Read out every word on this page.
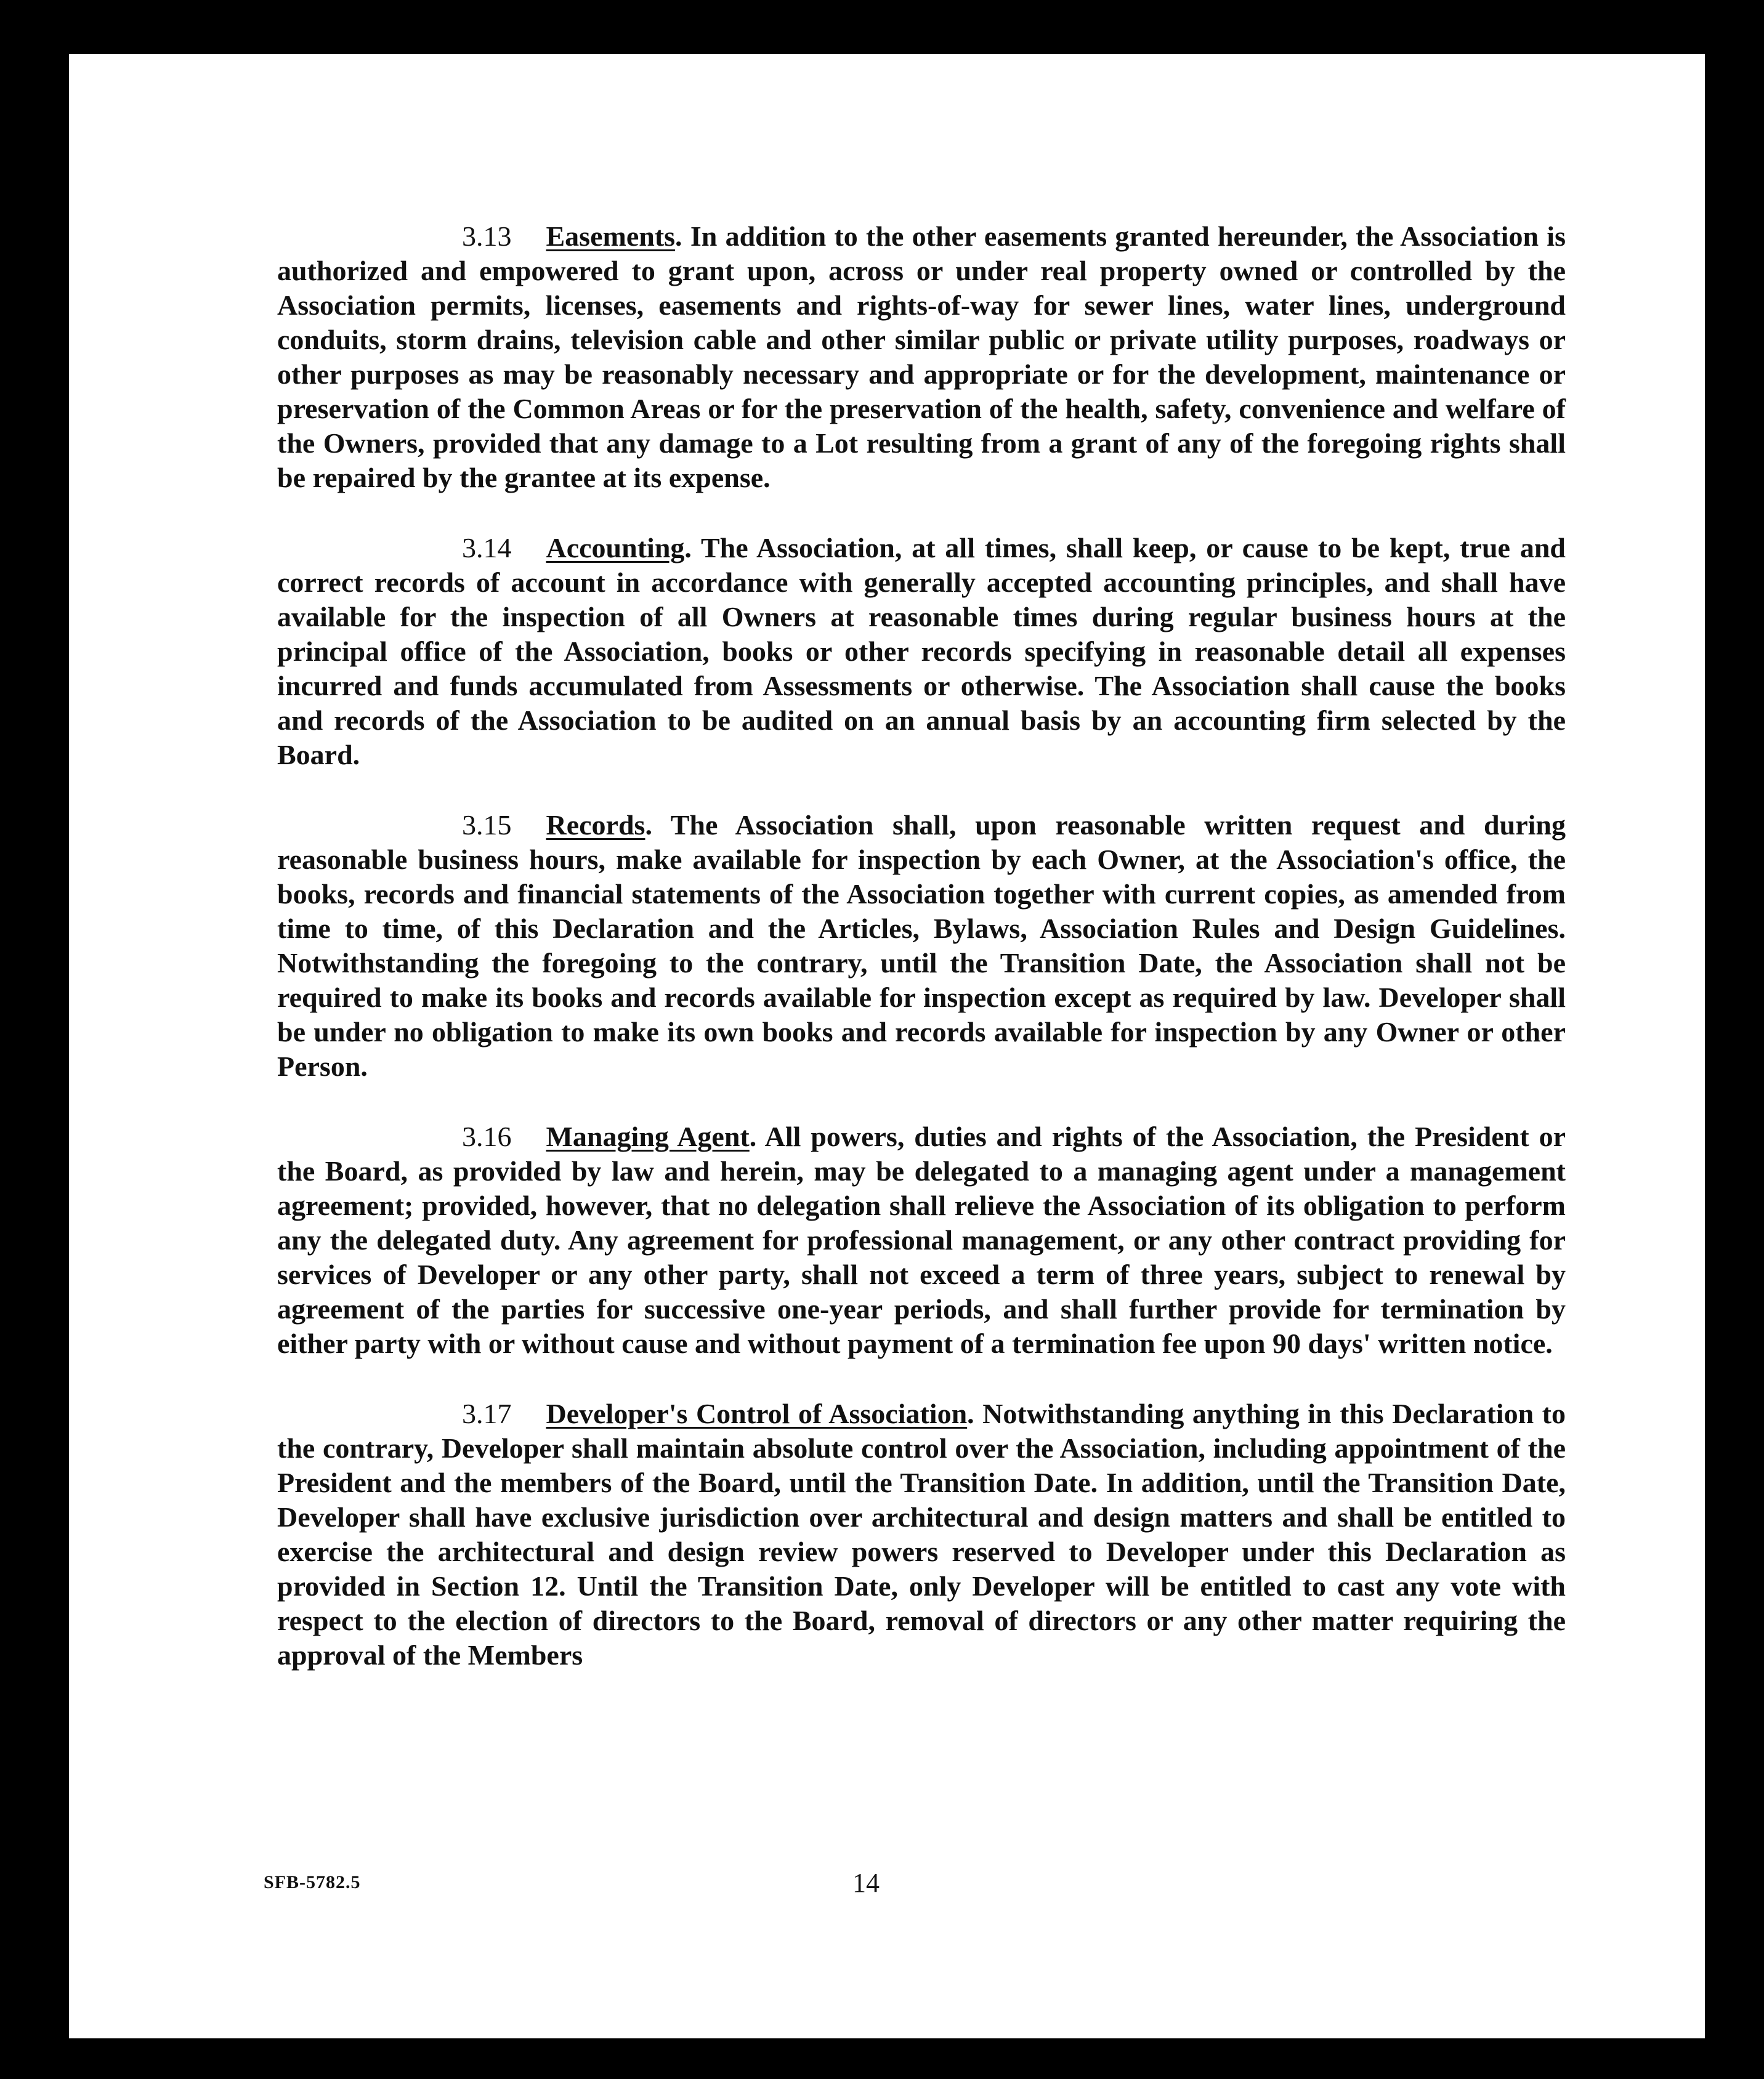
3.13 Easements. In addition to the other easements granted hereunder, the Association is authorized and empowered to grant upon, across or under real property owned or controlled by the Association permits, licenses, easements and rights-of-way for sewer lines, water lines, underground conduits, storm drains, television cable and other similar public or private utility purposes, roadways or other purposes as may be reasonably necessary and appropriate or for the development, maintenance or preservation of the Common Areas or for the preservation of the health, safety, convenience and welfare of the Owners, provided that any damage to a Lot resulting from a grant of any of the foregoing rights shall be repaired by the grantee at its expense.

3.14 Accounting. The Association, at all times, shall keep, or cause to be kept, true and correct records of account in accordance with generally accepted accounting principles, and shall have available for the inspection of all Owners at reasonable times during regular business hours at the principal office of the Association, books or other records specifying in reasonable detail all expenses incurred and funds accumulated from Assessments or otherwise. The Association shall cause the books and records of the Association to be audited on an annual basis by an accounting firm selected by the Board.

3.15 Records. The Association shall, upon reasonable written request and during reasonable business hours, make available for inspection by each Owner, at the Association's office, the books, records and financial statements of the Association together with current copies, as amended from time to time, of this Declaration and the Articles, Bylaws, Association Rules and Design Guidelines. Notwithstanding the foregoing to the contrary, until the Transition Date, the Association shall not be required to make its books and records available for inspection except as required by law. Developer shall be under no obligation to make its own books and records available for inspection by any Owner or other Person.

3.16 Managing Agent. All powers, duties and rights of the Association, the President or the Board, as provided by law and herein, may be delegated to a managing agent under a management agreement; provided, however, that no delegation shall relieve the Association of its obligation to perform any the delegated duty. Any agreement for professional management, or any other contract providing for services of Developer or any other party, shall not exceed a term of three years, subject to renewal by agreement of the parties for successive one-year periods, and shall further provide for termination by either party with or without cause and without payment of a termination fee upon 90 days' written notice.

3.17 Developer's Control of Association. Notwithstanding anything in this Declaration to the contrary, Developer shall maintain absolute control over the Association, including appointment of the President and the members of the Board, until the Transition Date. In addition, until the Transition Date, Developer shall have exclusive jurisdiction over architectural and design matters and shall be entitled to exercise the architectural and design review powers reserved to Developer under this Declaration as provided in Section 12. Until the Transition Date, only Developer will be entitled to cast any vote with respect to the election of directors to the Board, removal of directors or any other matter requiring the approval of the Members

SFB-5782.5	14
